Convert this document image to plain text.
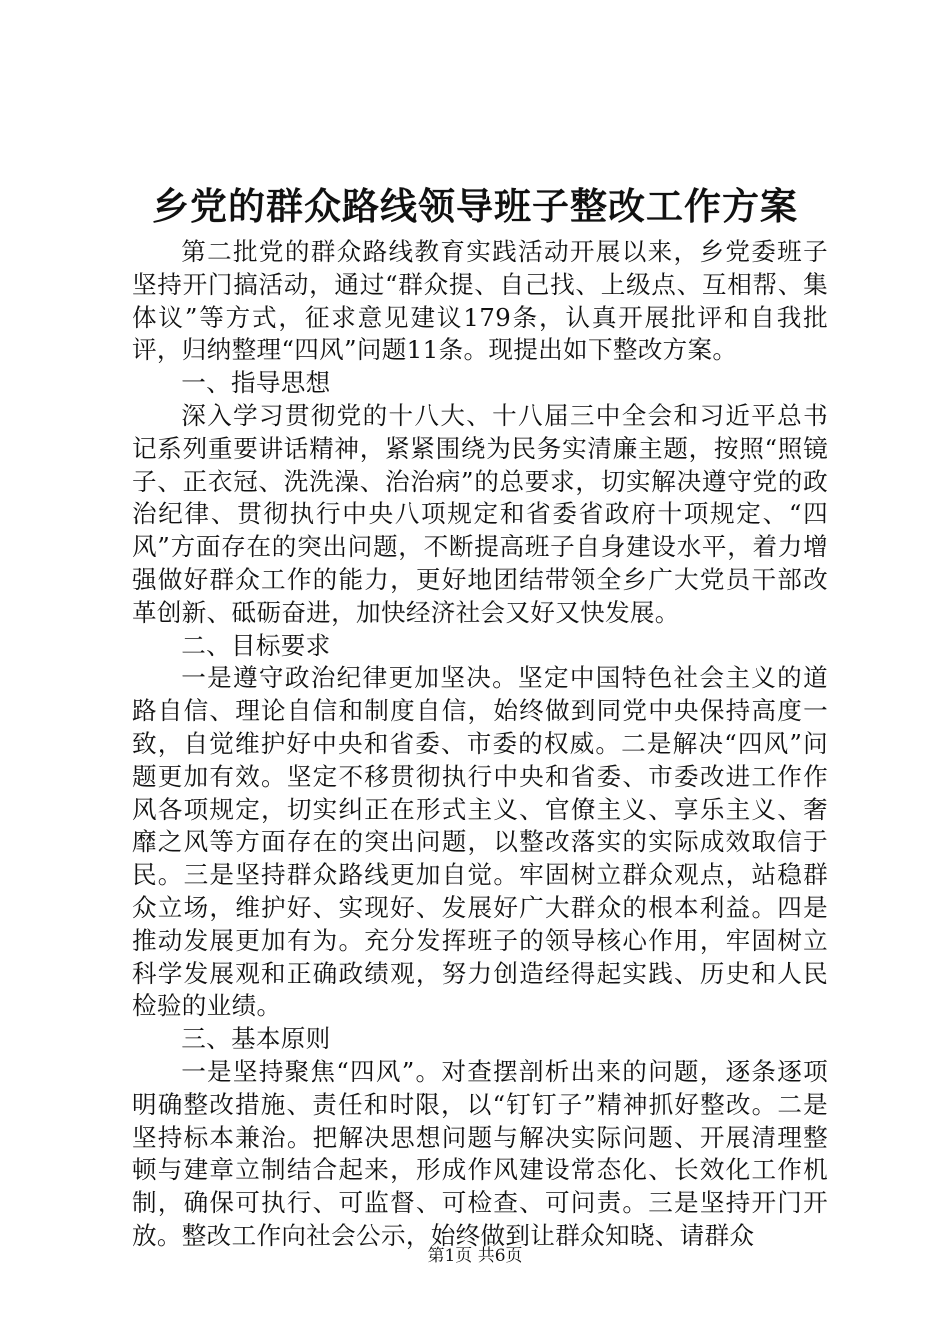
乡党的群众路线领导班子整改工作方案

第二批党的群众路线教育实践活动开展以来，乡党委班子坚持开门搞活动，通过“群众提、自己找、上级点、互相帮、集体议”等方式，征求意见建议179条，认真开展批评和自我批评，归纳整理“四风”问题11条。现提出如下整改方案。

一、指导思想

深入学习贯彻党的十八大、十八届三中全会和习近平总书记系列重要讲话精神，紧紧围绕为民务实清廉主题，按照“照镜子、正衣冠、洗洗澡、治治病”的总要求，切实解决遵守党的政治纪律、贯彻执行中央八项规定和省委省政府十项规定、“四风”方面存在的突出问题，不断提高班子自身建设水平，着力增强做好群众工作的能力，更好地团结带领全乡广大党员干部改革创新、砥砺奋进，加快经济社会又好又快发展。

二、目标要求

一是遵守政治纪律更加坚决。坚定中国特色社会主义的道路自信、理论自信和制度自信，始终做到同党中央保持高度一致，自觉维护好中央和省委、市委的权威。二是解决“四风”问题更加有效。坚定不移贯彻执行中央和省委、市委改进工作作风各项规定，切实纠正在形式主义、官僚主义、享乐主义、奢靡之风等方面存在的突出问题，以整改落实的实际成效取信于民。三是坚持群众路线更加自觉。牢固树立群众观点，站稳群众立场，维护好、实现好、发展好广大群众的根本利益。四是推动发展更加有为。充分发挥班子的领导核心作用，牢固树立科学发展观和正确政绩观，努力创造经得起实践、历史和人民检验的业绩。

三、基本原则

一是坚持聚焦“四风”。对查摆剖析出来的问题，逐条逐项明确整改措施、责任和时限，以“钉钉子”精神抓好整改。二是坚持标本兼治。把解决思想问题与解决实际问题、开展清理整顿与建章立制结合起来，形成作风建设常态化、长效化工作机制，确保可执行、可监督、可检查、可问责。三是坚持开门开放。整改工作向社会公示，始终做到让群众知晓、请群众

第1页 共6页
